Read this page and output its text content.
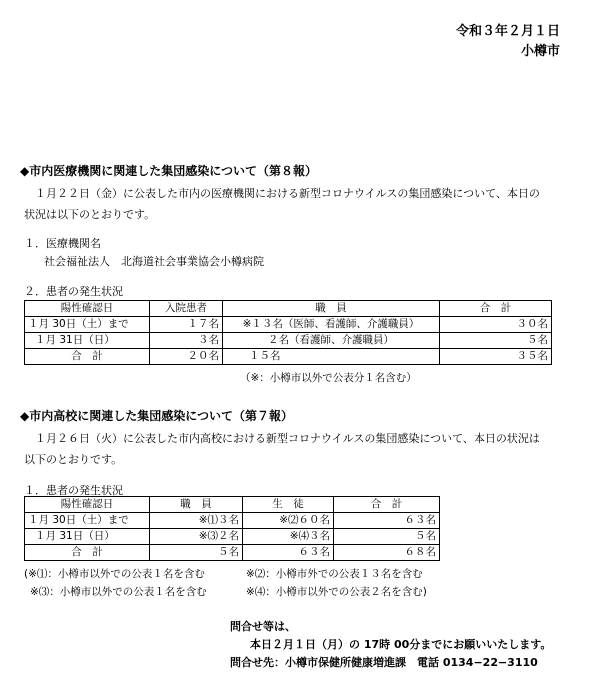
令和３年２月１日
小樽市
◆市内医療機関に関連した集団感染について（第８報）
　１月２２日（金）に公表した市内の医療機関における新型コロナウイルスの集団感染について、本日の
状況は以下のとおりです。
１．医療機関名
社会福祉法人　北海道社会事業協会小樽病院
２．患者の発生状況
陽性確認日	入院患者	職　員	合　計
１月 30日（土）まで	１７名	※１３名（医師、看護師、介護職員）	３０名
１月 31日（日）	３名	２名（看護師、介護職員）	５名
合　計	２０名	１５名	３５名
（※：小樽市以外で公表分１名含む）
◆市内高校に関連した集団感染について（第７報）
　１月２６日（火）に公表した市内高校における新型コロナウイルスの集団感染について、本日の状況は
以下のとおりです。
１．患者の発生状況
陽性確認日	職　員	生　徒	合　計
１月 30日（土）まで	※⑴３名	※⑵６０名	６３名
１月 31日（日）	※⑶２名	※⑷３名	５名
合　計	５名	６３名	６８名
(※⑴：小樽市以外での公表１名を含む	※⑵：小樽市外での公表１３名を含む
※⑶：小樽市以外での公表１名を含む	※⑷：小樽市以外での公表２名を含む)
問合せ等は、
本日２月１日（月）の 17時 00分までにお願いいたします。
問合せ先：小樽市保健所健康増進課　電話 0134−22−3110
